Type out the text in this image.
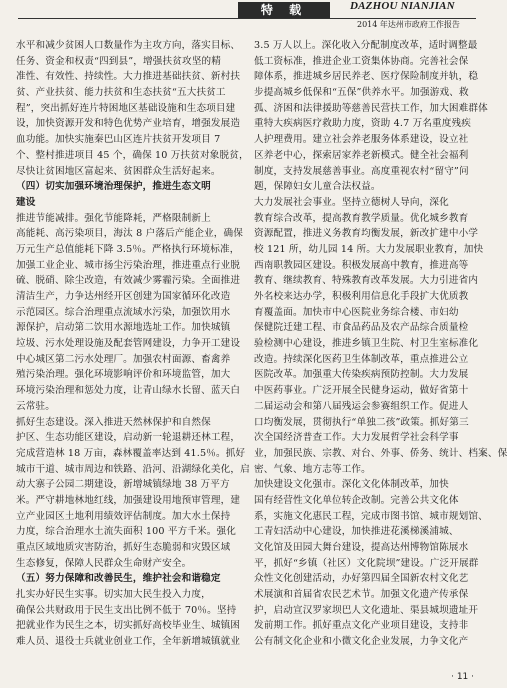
特 载	DAZHOU NIANJIAN
2014 年达州市政府工作报告
水平和减少贫困人口数量作为主攻方向，落实目标、
任务、资金和权责“四到县”，增强扶贫攻坚的精
准性、有效性、持续性。大力推进基础扶贫、新村扶
贫、产业扶贫、能力扶贫和生态扶贫“五大扶贫工
程”，突出抓好连片特困地区基础设施和生态项目建
设，加快资源开发和特色优势产业培育，增强发展造
血功能。加快实施秦巴山区连片扶贫开发项目 7
个、整村推进项目 45 个，确保 10 万扶贫对象脱贫，
尽快让贫困地区富起来、贫困群众生活好起来。
（四）切实加强环境治理保护，推进生态文明
建设
推进节能减排。强化节能降耗，严格限制新上
高能耗、高污染项目，海汰 8 户落后产能企业，确保
万元生产总值能耗下降 3.5％。严格执行环境标准，
加强工业企业、城市扬尘污染治理，推进重点行业脱
硫、脱硝、除尘改造，有效减少雾霾污染。全面推进
清洁生产，力争达州经开区创建为国家循环化改造
示范园区。综合治理重点流域水污染，加强饮用水
源保护，启动第二饮用水源地选址工作。加快城镇
垃圾、污水处理设施及配套管网建设，力争开工建设
中心城区第二污水处理厂。加强农村面源、畜禽养
殖污染治理。强化环境影响评价和环境监管，加大
环境污染治理和惩处力度，让青山绿水长留、蓝天白
云常驻。
抓好生态建设。深入推进天然林保护和自然保
护区、生态功能区建设，启动新一轮退耕还林工程，
完成营造林 18 万亩，森林覆盖率达到 41.5％。抓好
城市干道、城市周边和铁路、沿河、沿湖绿化美化，启
动大寨子公园二期建设，新增城镇绿地 38 万平方
米。严守耕地林地红线，加强建设用地预审管理，建
立产业园区土地利用绩效评估制度。加大水土保持
力度，综合治理水土流失面积 100 平方千米。强化
重点区域地质灾害防治，抓好生态脆弱和灾毁区域
生态修复，保障人民群众生命财产安全。
（五）努力保障和改善民生，维护社会和谐稳定
扎实办好民生实事。切实加大民生投入力度，
确保公共财政用于民生支出比例不低于 70％。坚持
把就业作为民生之本，切实抓好高校毕业生、城镇困
难人员、退役士兵就业创业工作，全年新增城镇就业
3.5 万人以上。深化收入分配制度改革，适时调整最
低工资标准，推进企业工资集体协商。完善社会保
障体系，推进城乡居民养老、医疗保险制度并轨，稳
步提高城乡低保和“五保”供养水平。加强游戏、救
孤、济困和法律援助等慈善民营扶工作，加大困难群体
重特大疾病医疗救助力度，资助 4.7 万名重度残疾
人护理费用。建立社会养老服务体系建设，设立社
区养老中心，探索居家养老新模式。健全社会福利
制度，支持发展慈善事业。高度重视农村“留守”问
题，保障妇女儿童合法权益。
大力发展社会事业。坚持立德树人导向，深化
教育综合改革，提高教育教学质量。优化城乡教育
资源配置，推进义务教育均衡发展，新改扩建中小学
校 121 所，幼儿园 14 所。大力发展职业教育，加快
西南职教园区建设。积极发展高中教育，推进高等
教育、继续教育、特殊教育改革发展。大力引进省内
外名校来达办学，积极利用信息化手段扩大优质教
育覆盖面。加快市中心医院业务综合楼、市妇幼
保健院迁建工程、市食品药品及农产品综合质量检
验检测中心建设，推进乡镇卫生院、村卫生室标准化
改造。持续深化医药卫生体制改革，重点推进公立
医院改革。加强重大传染疾病预防控制。大力发展
中医药事业。广泛开展全民健身运动，做好省第十
二届运动会和第八届残运会参赛组织工作。促进人
口均衡发展，贯彻执行“单独二孩”政策。抓好第三
次全国经济普查工作。大力发展哲学社会科学事
业，加强民族、宗教、对台、外事、侨务、统计、档案、保
密、气象、地方志等工作。
加快建设文化强市。深化文化体制改革，加快
国有经营性文化单位转企改制。完善公共文化体
系，实施文化惠民工程，完成市图书馆、城市规划馆、
工青妇活动中心建设，加快推进花溪梯溪浦城、
文化馆及田园大舞台建设，提高达州博物馆陈展水
平，抓好“乡镇（社区）文化院坝”建设。广泛开展群
众性文化创建活动，办好第四届全国新农村文化艺
术展演和首届省农民艺术节。加强文化遗产传承保
护，启动宣汉罗家坝巴人文化遗址、渠县城坝遗址开
发前期工作。抓好重点文化产业项目建设，支持非
公有制文化企业和小微文化企业发展，力争文化产
· 11 ·
